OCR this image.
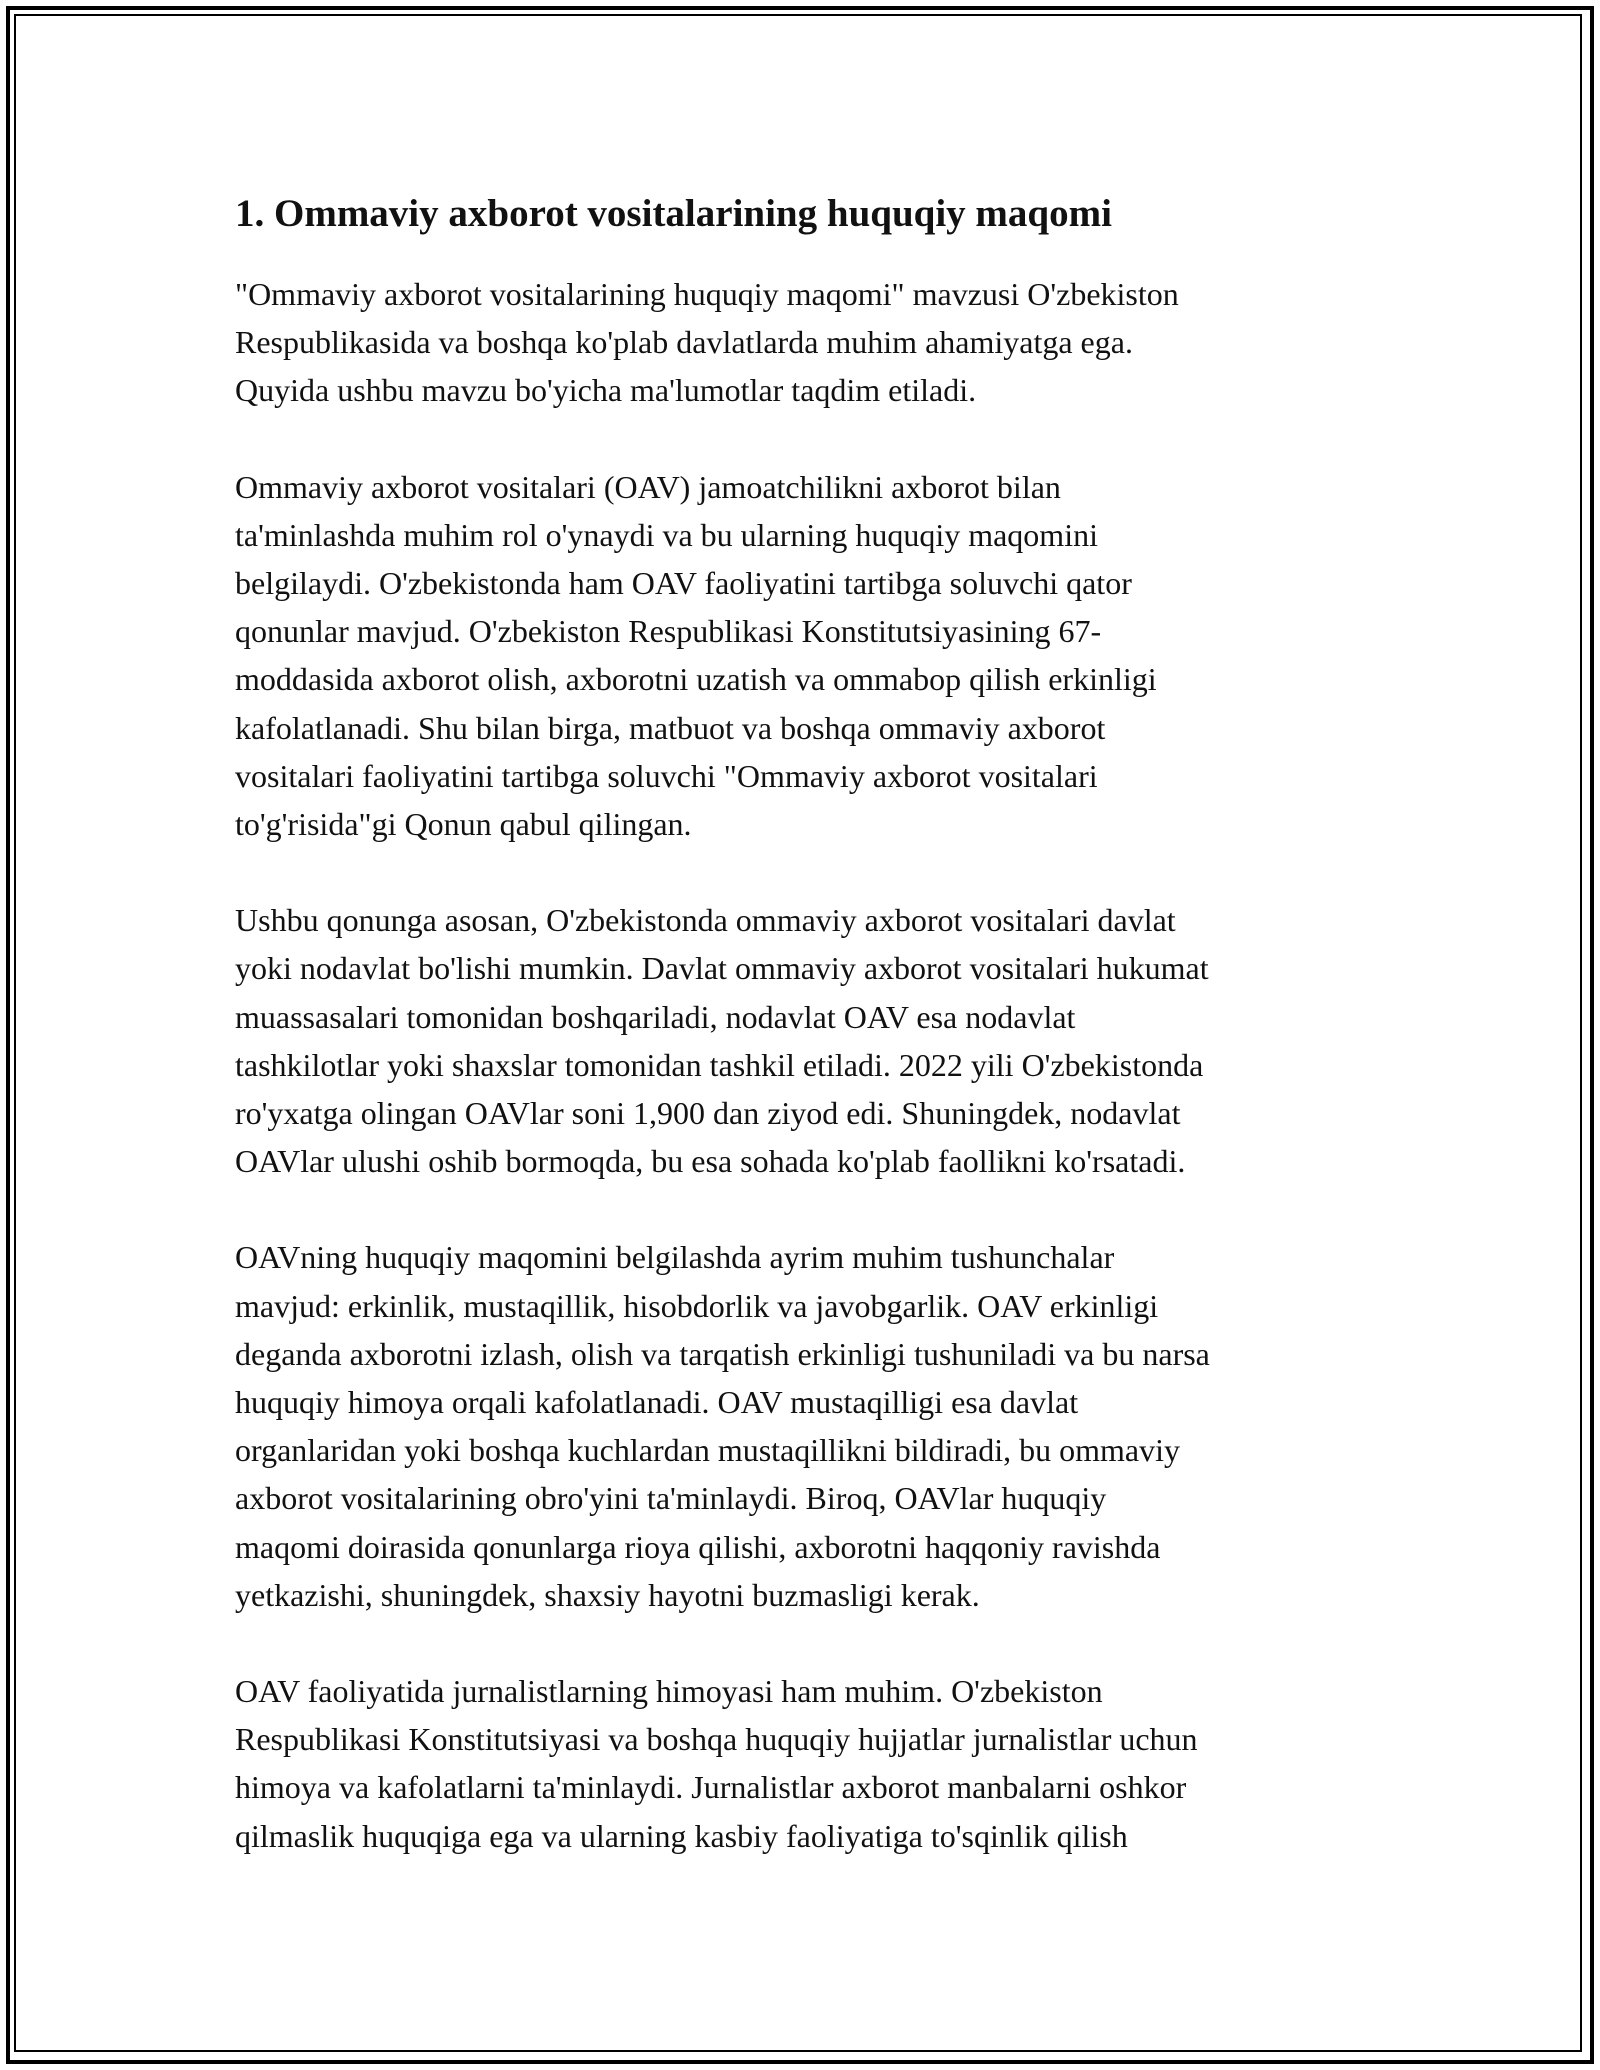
1. Ommaviy axborot vositalarining huquqiy maqomi

"Ommaviy axborot vositalarining huquqiy maqomi" mavzusi O'zbekiston
Respublikasida va boshqa ko'plab davlatlarda muhim ahamiyatga ega.
Quyida ushbu mavzu bo'yicha ma'lumotlar taqdim etiladi.

Ommaviy axborot vositalari (OAV) jamoatchilikni axborot bilan
ta'minlashda muhim rol o'ynaydi va bu ularning huquqiy maqomini
belgilaydi. O'zbekistonda ham OAV faoliyatini tartibga soluvchi qator
qonunlar mavjud. O'zbekiston Respublikasi Konstitutsiyasining 67-
moddasida axborot olish, axborotni uzatish va ommabop qilish erkinligi
kafolatlanadi. Shu bilan birga, matbuot va boshqa ommaviy axborot
vositalari faoliyatini tartibga soluvchi "Ommaviy axborot vositalari
to'g'risida"gi Qonun qabul qilingan.

Ushbu qonunga asosan, O'zbekistonda ommaviy axborot vositalari davlat
yoki nodavlat bo'lishi mumkin. Davlat ommaviy axborot vositalari hukumat
muassasalari tomonidan boshqariladi, nodavlat OAV esa nodavlat
tashkilotlar yoki shaxslar tomonidan tashkil etiladi. 2022 yili O'zbekistonda
ro'yxatga olingan OAVlar soni 1,900 dan ziyod edi. Shuningdek, nodavlat
OAVlar ulushi oshib bormoqda, bu esa sohada ko'plab faollikni ko'rsatadi.

OAVning huquqiy maqomini belgilashda ayrim muhim tushunchalar
mavjud: erkinlik, mustaqillik, hisobdorlik va javobgarlik. OAV erkinligi
deganda axborotni izlash, olish va tarqatish erkinligi tushuniladi va bu narsa
huquqiy himoya orqali kafolatlanadi. OAV mustaqilligi esa davlat
organlaridan yoki boshqa kuchlardan mustaqillikni bildiradi, bu ommaviy
axborot vositalarining obro'yini ta'minlaydi. Biroq, OAVlar huquqiy
maqomi doirasida qonunlarga rioya qilishi, axborotni haqqoniy ravishda
yetkazishi, shuningdek, shaxsiy hayotni buzmasligi kerak.

OAV faoliyatida jurnalistlarning himoyasi ham muhim. O'zbekiston
Respublikasi Konstitutsiyasi va boshqa huquqiy hujjatlar jurnalistlar uchun
himoya va kafolatlarni ta'minlaydi. Jurnalistlar axborot manbalarni oshkor
qilmaslik huquqiga ega va ularning kasbiy faoliyatiga to'sqinlik qilish
